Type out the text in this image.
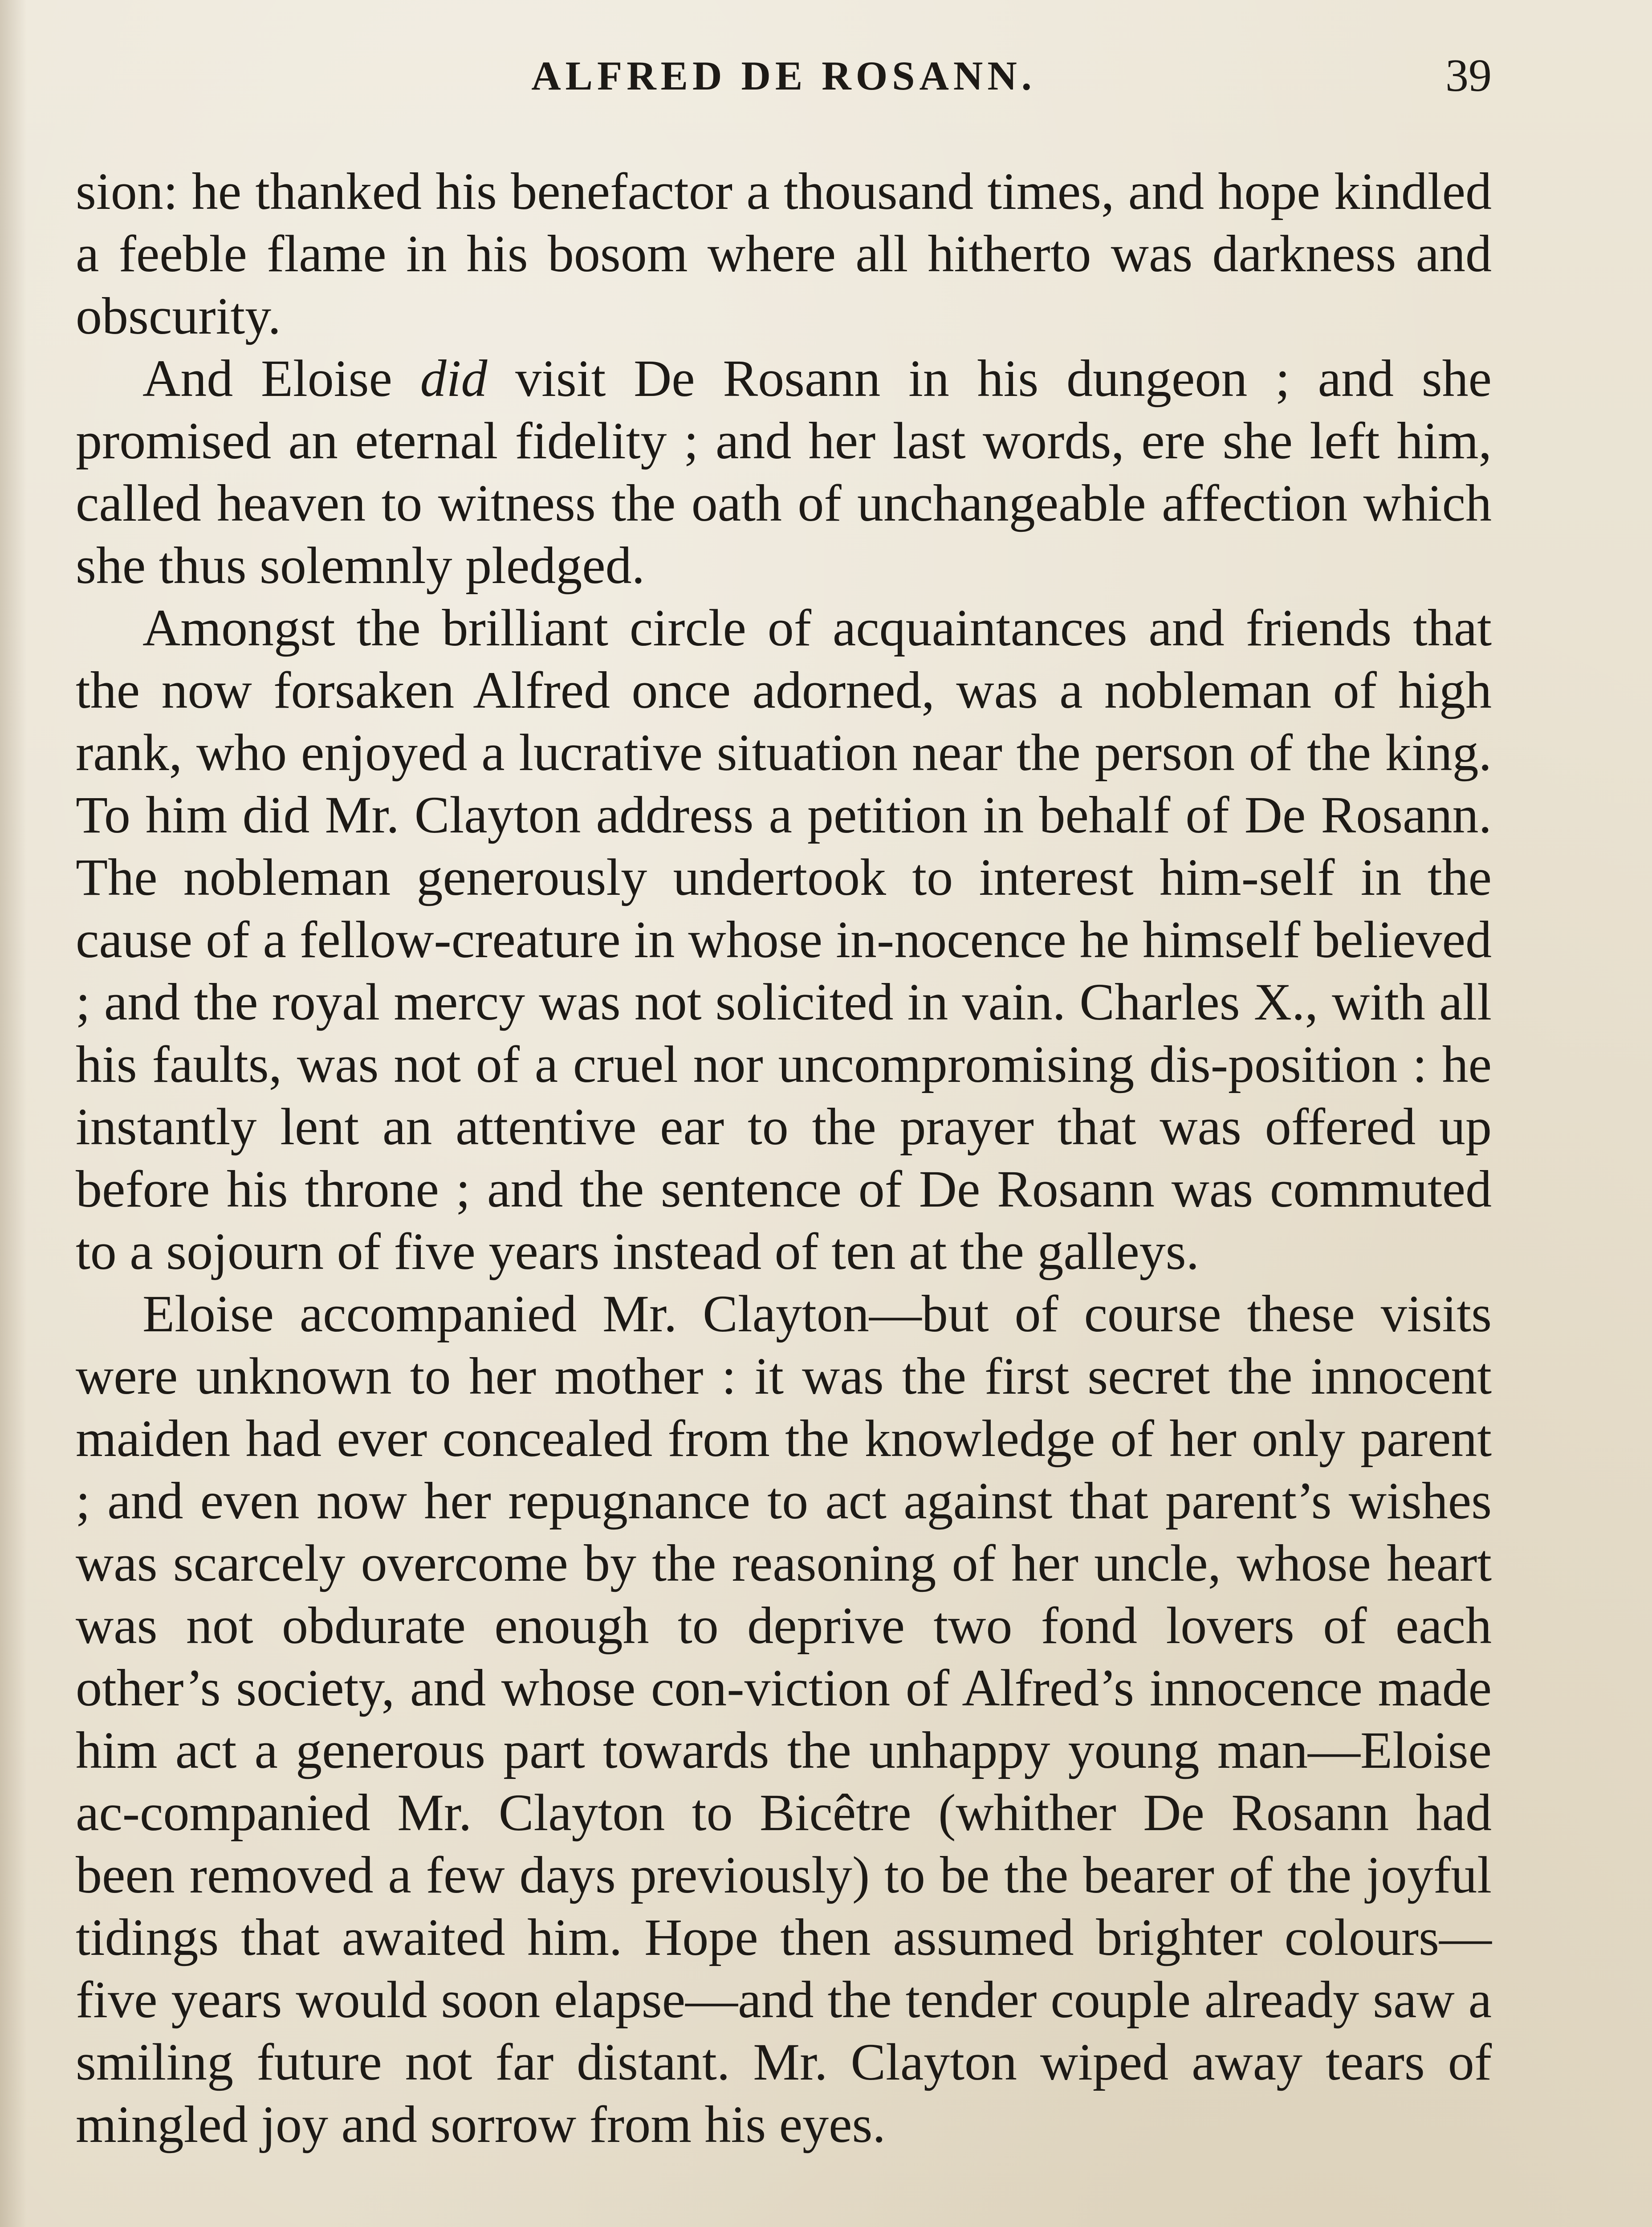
ALFRED DE ROSANN.	39

sion: he thanked his benefactor a thousand times, and hope kindled a feeble flame in his bosom where all hitherto was darkness and obscurity.

And Eloise did visit De Rosann in his dungeon ; and she promised an eternal fidelity ; and her last words, ere she left him, called heaven to witness the oath of unchangeable affection which she thus solemnly pledged.

Amongst the brilliant circle of acquaintances and friends that the now forsaken Alfred once adorned, was a nobleman of high rank, who enjoyed a lucrative situation near the person of the king. To him did Mr. Clayton address a petition in behalf of De Rosann. The nobleman generously undertook to interest him-self in the cause of a fellow-creature in whose in-nocence he himself believed ; and the royal mercy was not solicited in vain. Charles X., with all his faults, was not of a cruel nor uncompromising dis-position : he instantly lent an attentive ear to the prayer that was offered up before his throne ; and the sentence of De Rosann was commuted to a sojourn of five years instead of ten at the galleys.

Eloise accompanied Mr. Clayton—but of course these visits were unknown to her mother : it was the first secret the innocent maiden had ever concealed from the knowledge of her only parent ; and even now her repugnance to act against that parent’s wishes was scarcely overcome by the reasoning of her uncle, whose heart was not obdurate enough to deprive two fond lovers of each other’s society, and whose con-viction of Alfred’s innocence made him act a generous part towards the unhappy young man—Eloise ac-companied Mr. Clayton to Bicêtre (whither De Rosann had been removed a few days previously) to be the bearer of the joyful tidings that awaited him. Hope then assumed brighter colours—five years would soon elapse—and the tender couple already saw a smiling future not far distant. Mr. Clayton wiped away tears of mingled joy and sorrow from his eyes.
